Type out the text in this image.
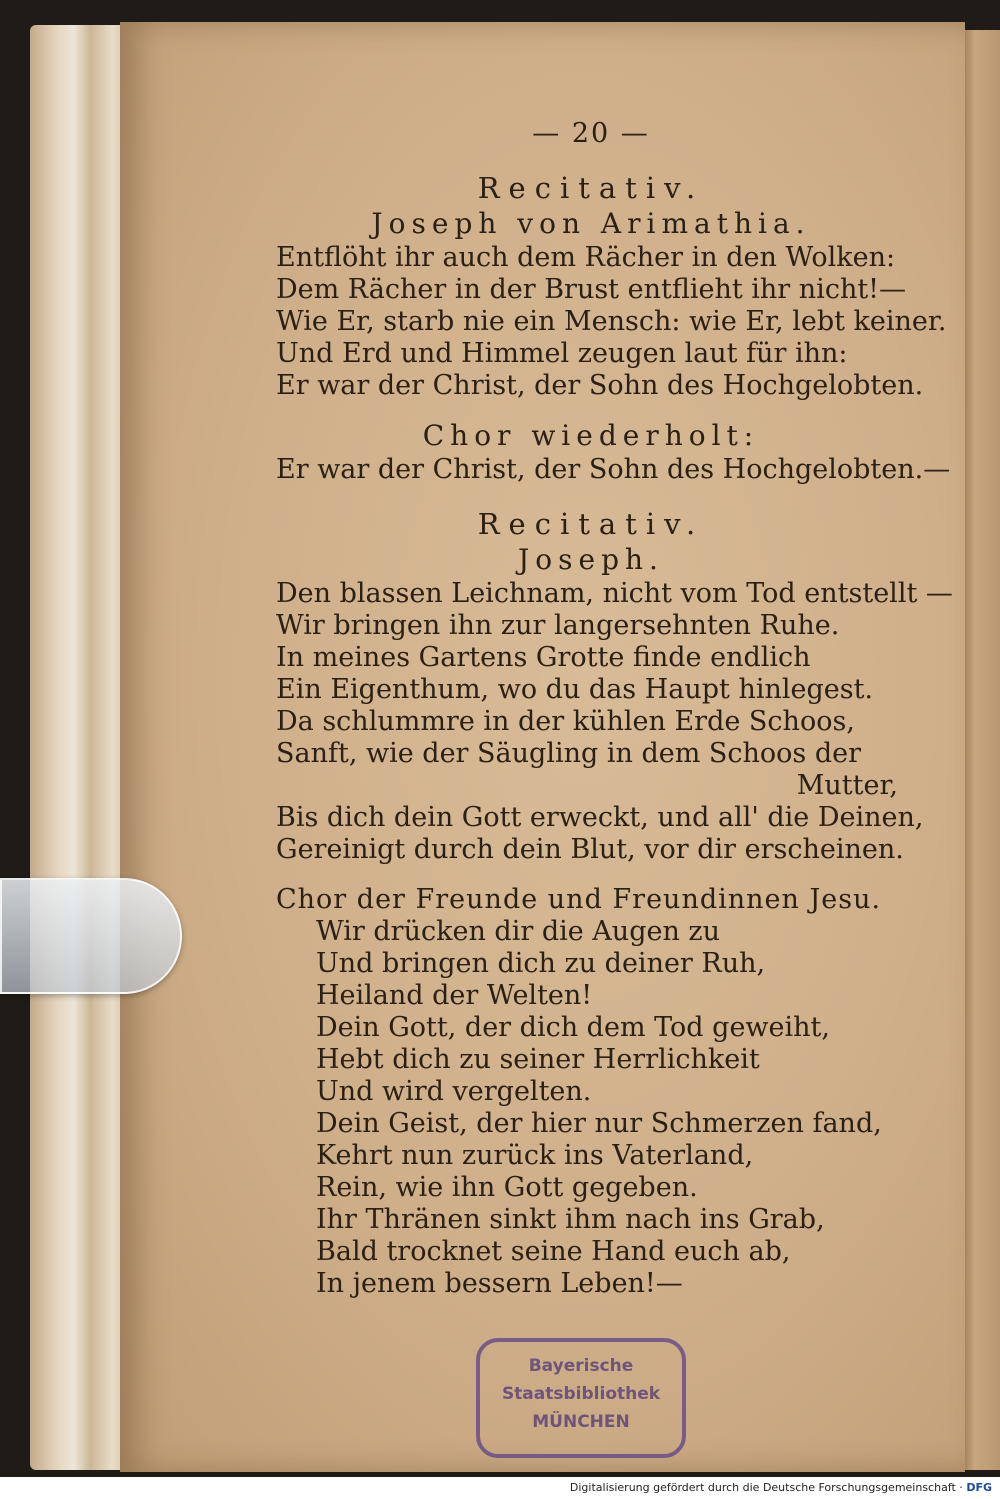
— 20 —
Recitativ.
Joseph von Arimathia.
Entflöht ihr auch dem Rächer in den Wolken:
Dem Rächer in der Brust entflieht ihr nicht!—
Wie Er, starb nie ein Mensch: wie Er, lebt keiner.
Und Erd und Himmel zeugen laut für ihn:
Er war der Christ, der Sohn des Hochgelobten.
Chor wiederholt:
Er war der Christ, der Sohn des Hochgelobten.—
Recitativ.
Joseph.
Den blassen Leichnam, nicht vom Tod entstellt —
Wir bringen ihn zur langersehnten Ruhe.
In meines Gartens Grotte finde endlich
Ein Eigenthum, wo du das Haupt hinlegest.
Da schlummre in der kühlen Erde Schoos,
Sanft, wie der Säugling in dem Schoos der
Mutter,
Bis dich dein Gott erweckt, und all' die Deinen,
Gereinigt durch dein Blut, vor dir erscheinen.
Chor der Freunde und Freundinnen Jesu.
Wir drücken dir die Augen zu
Und bringen dich zu deiner Ruh,
Heiland der Welten!
Dein Gott, der dich dem Tod geweiht,
Hebt dich zu seiner Herrlichkeit
Und wird vergelten.
Dein Geist, der hier nur Schmerzen fand,
Kehrt nun zurück ins Vaterland,
Rein, wie ihn Gott gegeben.
Ihr Thränen sinkt ihm nach ins Grab,
Bald trocknet seine Hand euch ab,
In jenem bessern Leben!—
Bayerische
Staatsbibliothek
MÜNCHEN
Digitalisierung gefördert durch die Deutsche Forschungsgemeinschaft · DFG
